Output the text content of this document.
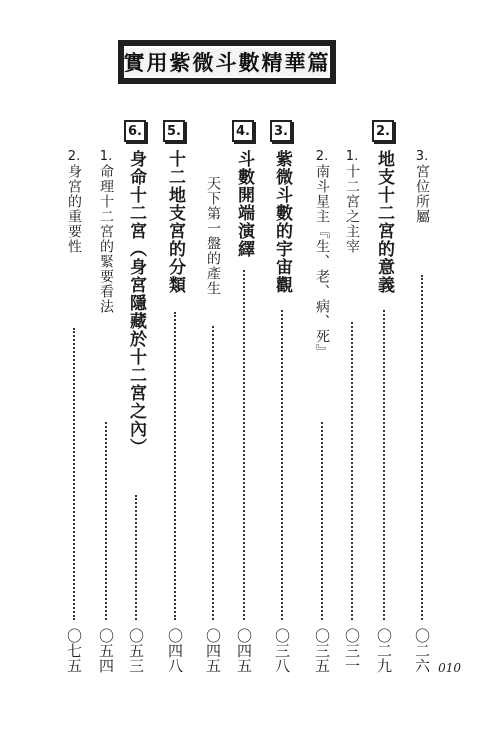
實用紫微斗數精華篇
3.
宮位所屬
〇二六
2.
地支十二宮的意義
〇二九
1.
十二宮之主宰
〇三一
2.
南斗星主『生、老、病、死』
〇三五
3.
紫微斗數的宇宙觀
〇三八
4.
斗數開端演繹
〇四五
天下第一盤的產生
〇四五
5.
十二地支宮的分類
〇四八
6.
身命十二宮（身宮隱藏於十二宮之內）
〇五三
1.
命理十二宮的緊要看法
〇五四
2.
身宮的重要性
〇七五	010
